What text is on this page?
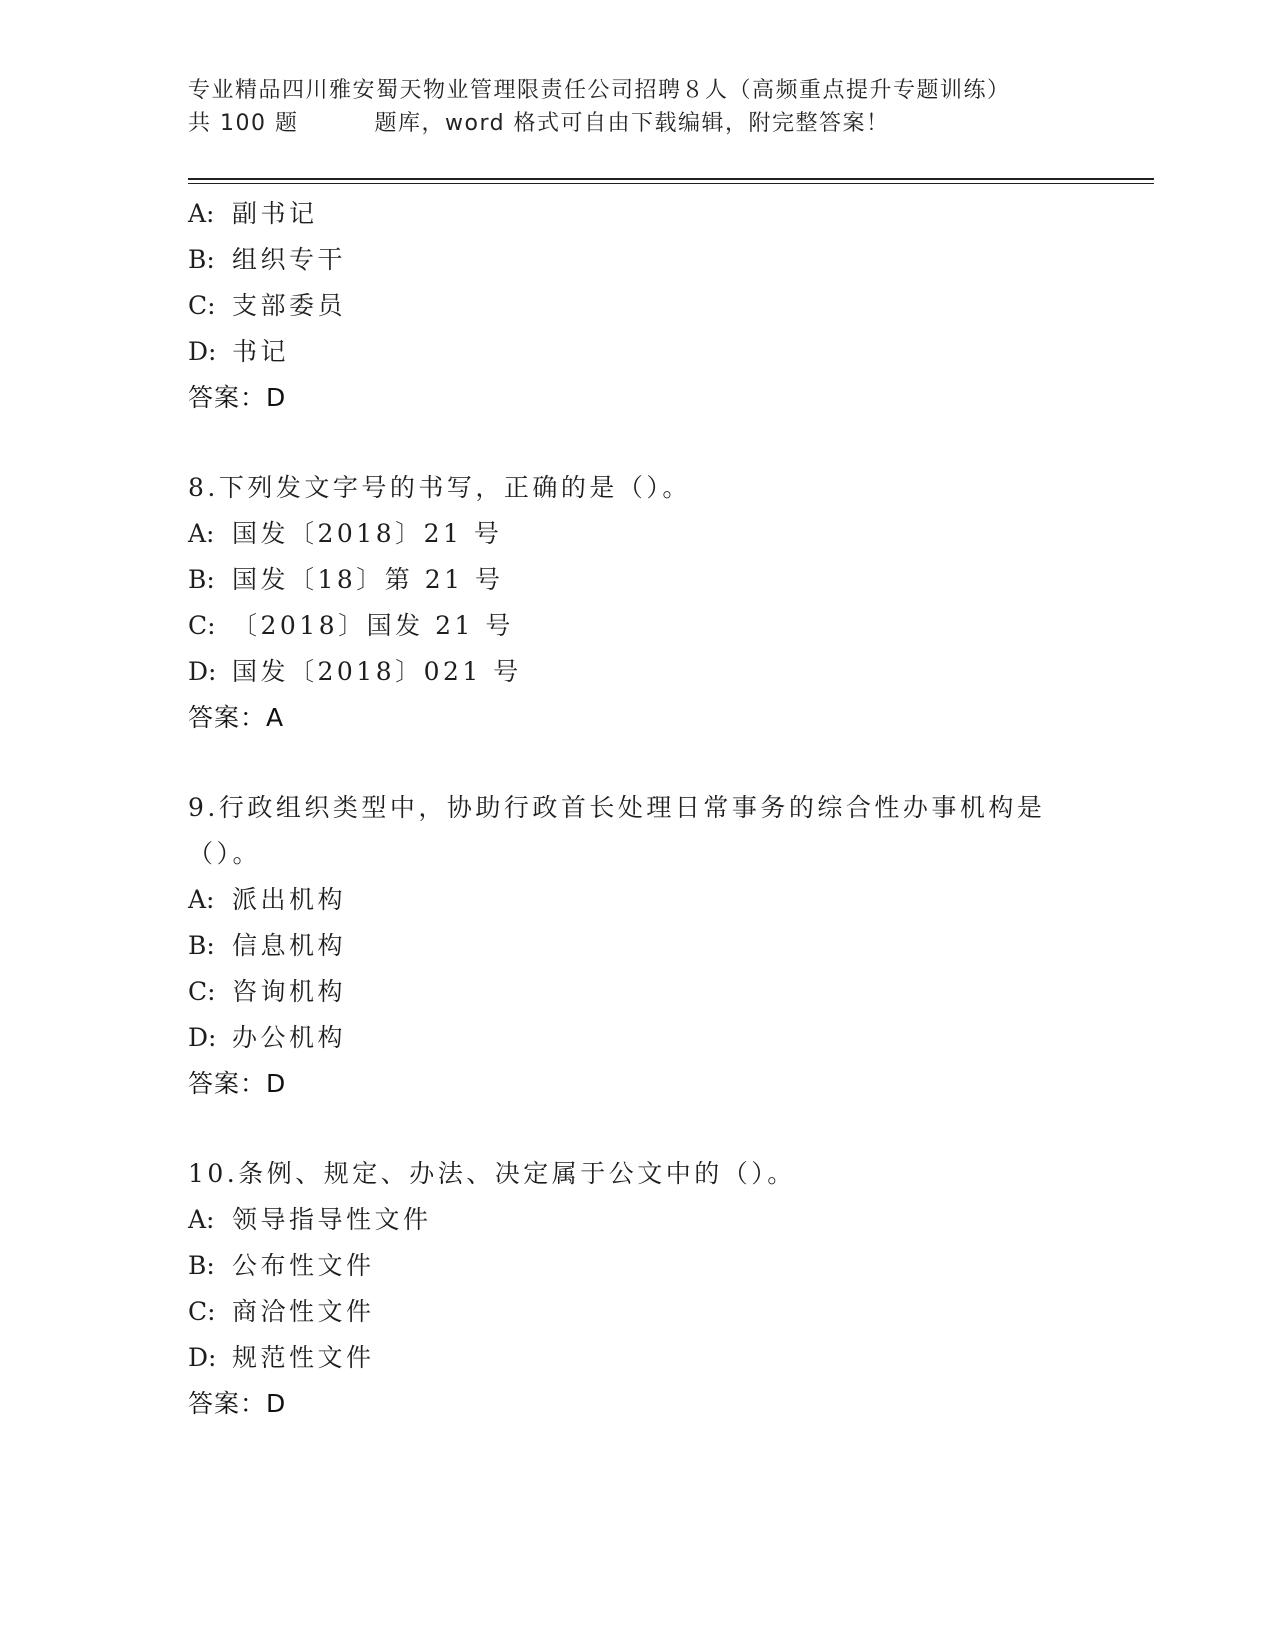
专业精品四川雅安蜀天物业管理限责任公司招聘８人（高频重点提升专题训练）
共 100 题	题库，word 格式可自由下载编辑，附完整答案！
A: 副书记
B: 组织专干
C: 支部委员
D: 书记
答案：D
8.下列发文字号的书写，正确的是（）。
A: 国发〔2018〕21 号
B: 国发〔18〕第 21 号
C: 〔2018〕国发 21 号
D: 国发〔2018〕021 号
答案：A
9.行政组织类型中，协助行政首长处理日常事务的综合性办事机构是
（）。
A: 派出机构
B: 信息机构
C: 咨询机构
D: 办公机构
答案：D
10.条例、规定、办法、决定属于公文中的（）。
A: 领导指导性文件
B: 公布性文件
C: 商洽性文件
D: 规范性文件
答案：D
